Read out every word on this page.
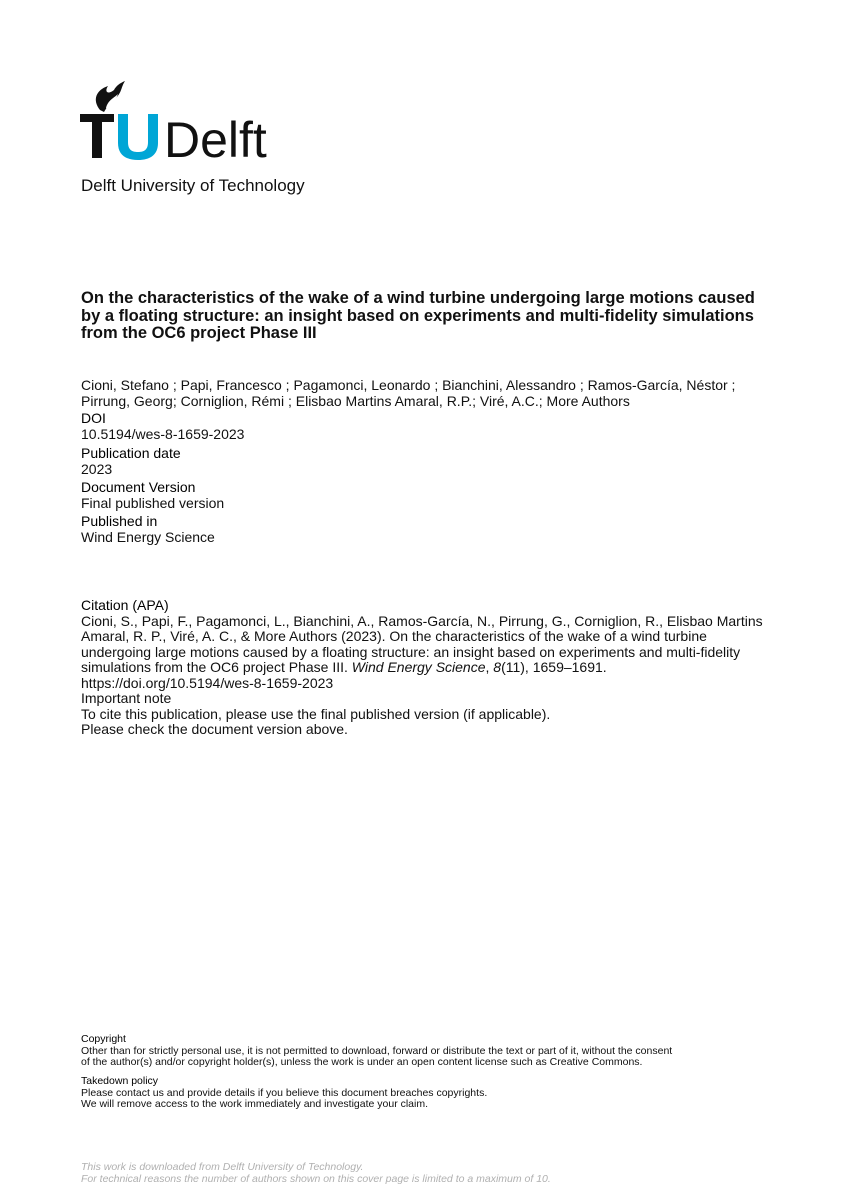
Delft
Delft University of Technology
On the characteristics of the wake of a wind turbine undergoing large motions caused by a floating structure: an insight based on experiments and multi-fidelity simulations from the OC6 project Phase III
Cioni, Stefano ; Papi, Francesco ; Pagamonci, Leonardo ; Bianchini, Alessandro ; Ramos-García, Néstor ; Pirrung, Georg; Corniglion, Rémi ; Elisbao Martins Amaral, R.P.; Viré, A.C.; More Authors
DOI
10.5194/wes-8-1659-2023
Publication date
2023
Document Version
Final published version
Published in
Wind Energy Science
Citation (APA)
Cioni, S., Papi, F., Pagamonci, L., Bianchini, A., Ramos-García, N., Pirrung, G., Corniglion, R., Elisbao Martins Amaral, R. P., Viré, A. C., & More Authors (2023). On the characteristics of the wake of a wind turbine undergoing large motions caused by a floating structure: an insight based on experiments and multi-fidelity simulations from the OC6 project Phase III. Wind Energy Science, 8(11), 1659–1691.
https://doi.org/10.5194/wes-8-1659-2023
Important note
To cite this publication, please use the final published version (if applicable).
Please check the document version above.
Copyright
Other than for strictly personal use, it is not permitted to download, forward or distribute the text or part of it, without the consent
of the author(s) and/or copyright holder(s), unless the work is under an open content license such as Creative Commons.
Takedown policy
Please contact us and provide details if you believe this document breaches copyrights.
We will remove access to the work immediately and investigate your claim.
This work is downloaded from Delft University of Technology.
For technical reasons the number of authors shown on this cover page is limited to a maximum of 10.
